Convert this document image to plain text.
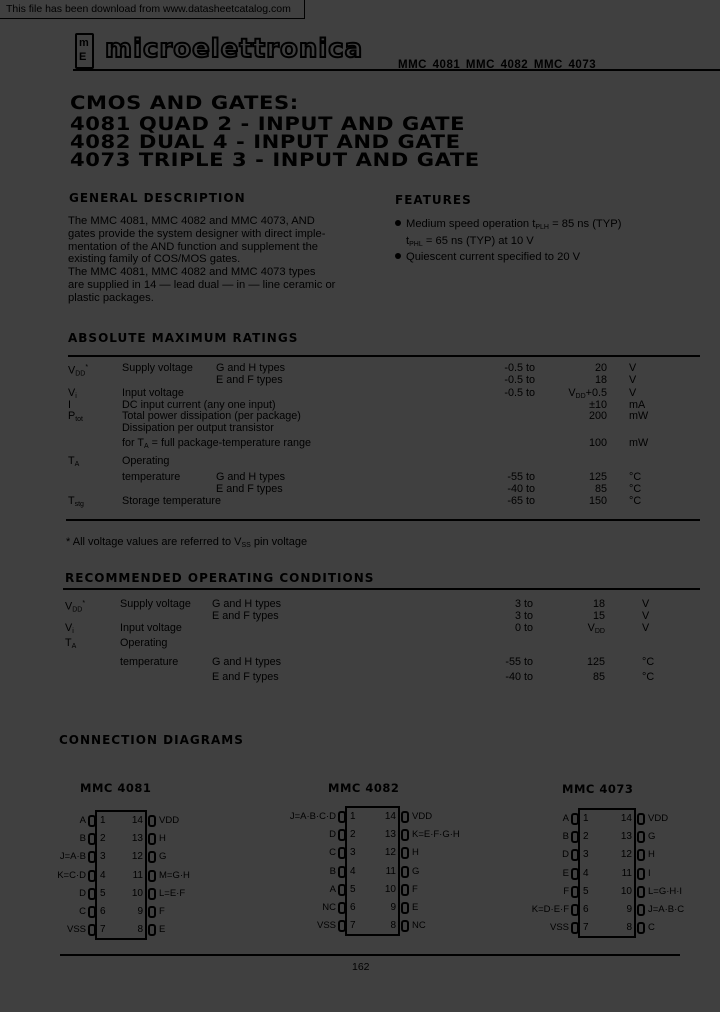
This file has been download from www.datasheetcatalog.com
m
E microelettronica
MMC 4081 MMC 4082 MMC 4073
CMOS AND GATES:
4081 QUAD 2 - INPUT AND GATE
4082 DUAL 4 - INPUT AND GATE
4073 TRIPLE 3 - INPUT AND GATE
GENERAL DESCRIPTION
The MMC 4081, MMC 4082 and MMC 4073, AND
gates provide the system designer with direct imple-
mentation of the AND function and supplement the
existing family of COS/MOS gates.
The MMC 4081, MMC 4082 and MMC 4073 types
are supplied in 14 — lead dual — in — line ceramic or
plastic packages.
FEATURES
Medium speed operation $t_{PLH} = 85$ ns (TYP)
$t_{PHL} = 65$ ns (TYP) at 10 V
Quiescent current specified to 20 V
ABSOLUTE MAXIMUM RATINGS
$V_{DD}^*$	Supply voltage G and H types	-0.5 to	20 V
E and F types	-0.5 to	18 V
$V_i$	Input voltage	-0.5 to	$V_{DD}+0.5$ V
I	DC input current (any one input)	±10 mA
$P_{tot}$	Total power dissipation (per package)	200 mW
Dissipation per output transistor
for $T_A$ = full package-temperature range	100 mW
$T_A$	Operating
temperature	G and H types	-55 to	125 °C
E and F types	-40 to	85 °C
$T_{stg}$	Storage temperature	-65 to	150 °C
* All voltage values are referred to $V_{SS}$ pin voltage
RECOMMENDED OPERATING CONDITIONS
$V_{DD}^*$	Supply voltage G and H types	3 to	18	V
E and F types	3 to	15	V
$V_i$	Input voltage	0 to	$V_{DD}$	V
$T_A$	Operating
temperature	G and H types	-55 to	125	°C
E and F types	-40 to	85	°C
CONNECTION DIAGRAMS
MMC 4081
1
A
2
B
3
J=A·B
4
K=C·D
5
D
6
C
7
VSS
14 VDD
13 H
12 G
11 M=G·H
10 L=E·F
9 F
8 E
MMC 4082
1
J=A·B·C·D
2
D
3
C
4
B
5
A
6
NC
7
VSS
14 VDD
13 K=E·F·G·H
12 H
11 G
10 F
9 E
8 NC
MMC 4073
1
A
2
B
3
D
4
E
5
F
6
K=D·E·F
7
VSS
14 VDD
13 G
12 H
11 I
10 L=G·H·I
9 J=A·B·C
8 C
162
